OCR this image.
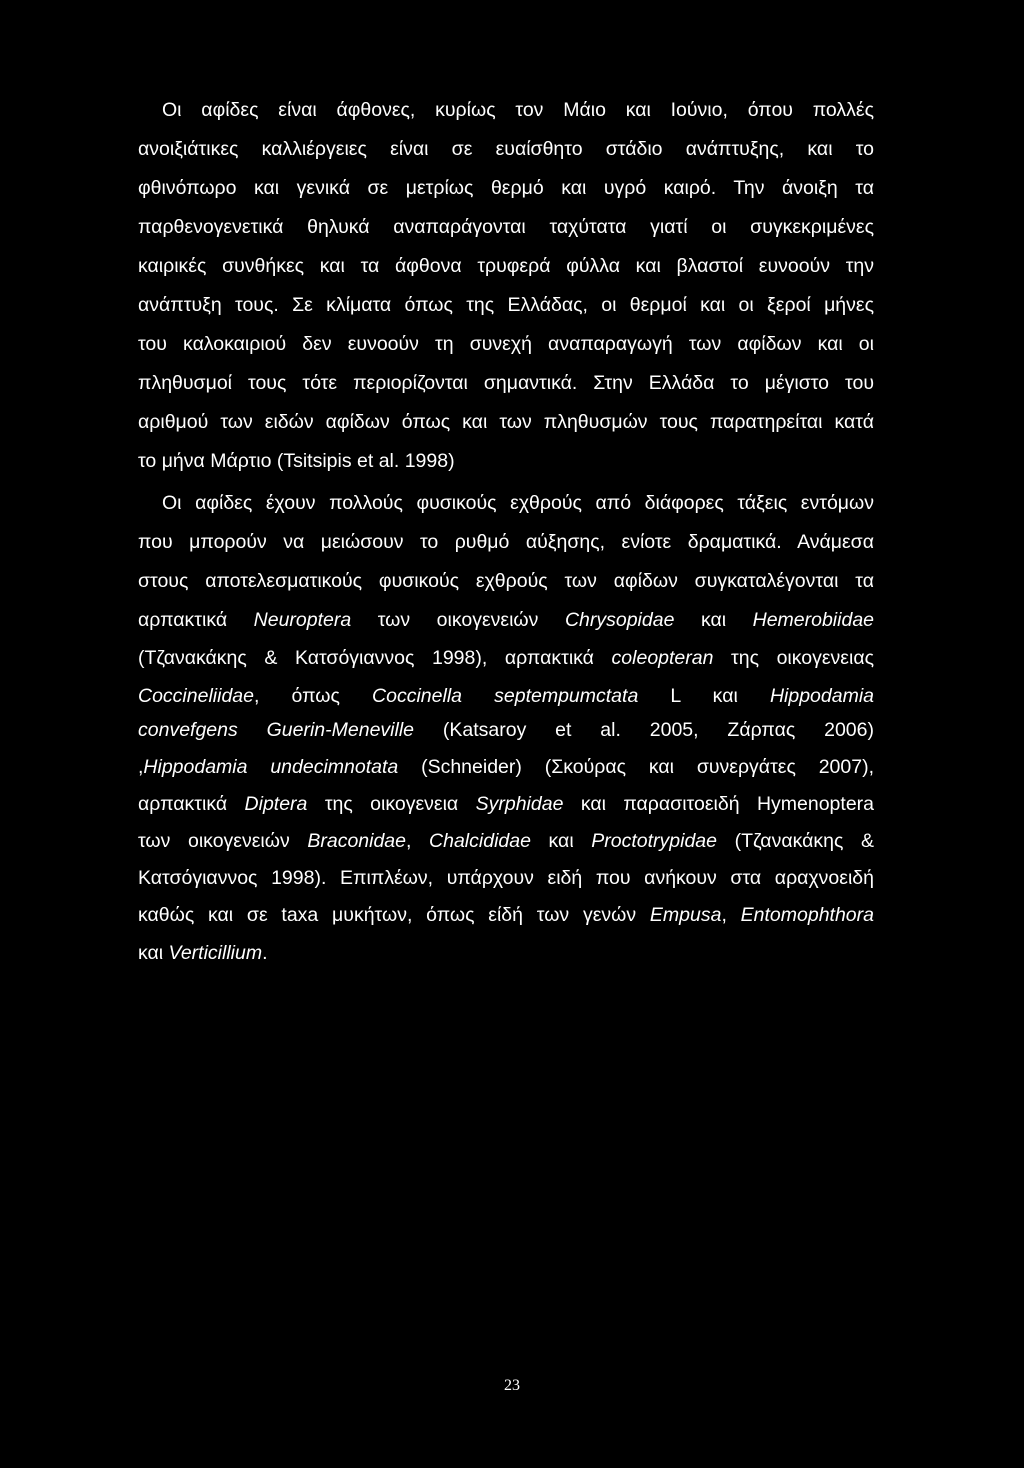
Οι αφίδες είναι άφθονες, κυρίως τον Μάιο και Ιούνιο, όπου πολλές
ανοιξιάτικες καλλιέργειες είναι σε ευαίσθητο στάδιο ανάπτυξης, και το
φθινόπωρο και γενικά σε μετρίως θερμό και υγρό καιρό. Την άνοιξη τα
παρθενογενετικά θηλυκά αναπαράγονται ταχύτατα γιατί οι συγκεκριμένες
καιρικές συνθήκες και τα άφθονα τρυφερά φύλλα και βλαστοί ευνοούν την
ανάπτυξη τους. Σε κλίματα όπως της Ελλάδας, οι θερμοί και οι ξεροί μήνες
του καλοκαιριού δεν ευνοούν τη συνεχή αναπαραγωγή των αφίδων και οι
πληθυσμοί τους τότε περιορίζονται σημαντικά. Στην Ελλάδα το μέγιστο του
αριθμού των ειδών αφίδων όπως και των πληθυσμών τους παρατηρείται κατά
το μήνα Μάρτιο (Tsitsipis et al. 1998)
Οι αφίδες έχουν πολλούς φυσικούς εχθρούς από διάφορες τάξεις εντόμων
που μπορούν να μειώσουν το ρυθμό αύξησης, ενίοτε δραματικά. Ανάμεσα
στους αποτελεσματικούς φυσικούς εχθρούς των αφίδων συγκαταλέγονται τα
αρπακτικά Neuroptera των οικογενειών Chrysopidae και Hemerobiidae
(Τζανακάκης & Κατσόγιαννος 1998), αρπακτικά coleopteran της οικογενειας
Coccineliidae, όπως Coccinella septempumctata L και Hippodamia
convefgens Guerin-Meneville (Katsaroy et al. 2005, Ζάρπας 2006)
,Hippodamia undecimnotata (Schneider) (Σκούρας και συνεργάτες 2007),
αρπακτικά Diptera της οικογενεια Syrphidae και παρασιτοειδή Hymenoptera
των οικογενειών Braconidae, Chalcididae και Proctotrypidae (Τζανακάκης &
Κατσόγιαννος 1998). Επιπλέων, υπάρχουν ειδή που ανήκουν στα αραχνοειδή
καθώς και σε taxa μυκήτων, όπως είδή των γενών Empusa, Entomophthora
και Verticillium.
23
